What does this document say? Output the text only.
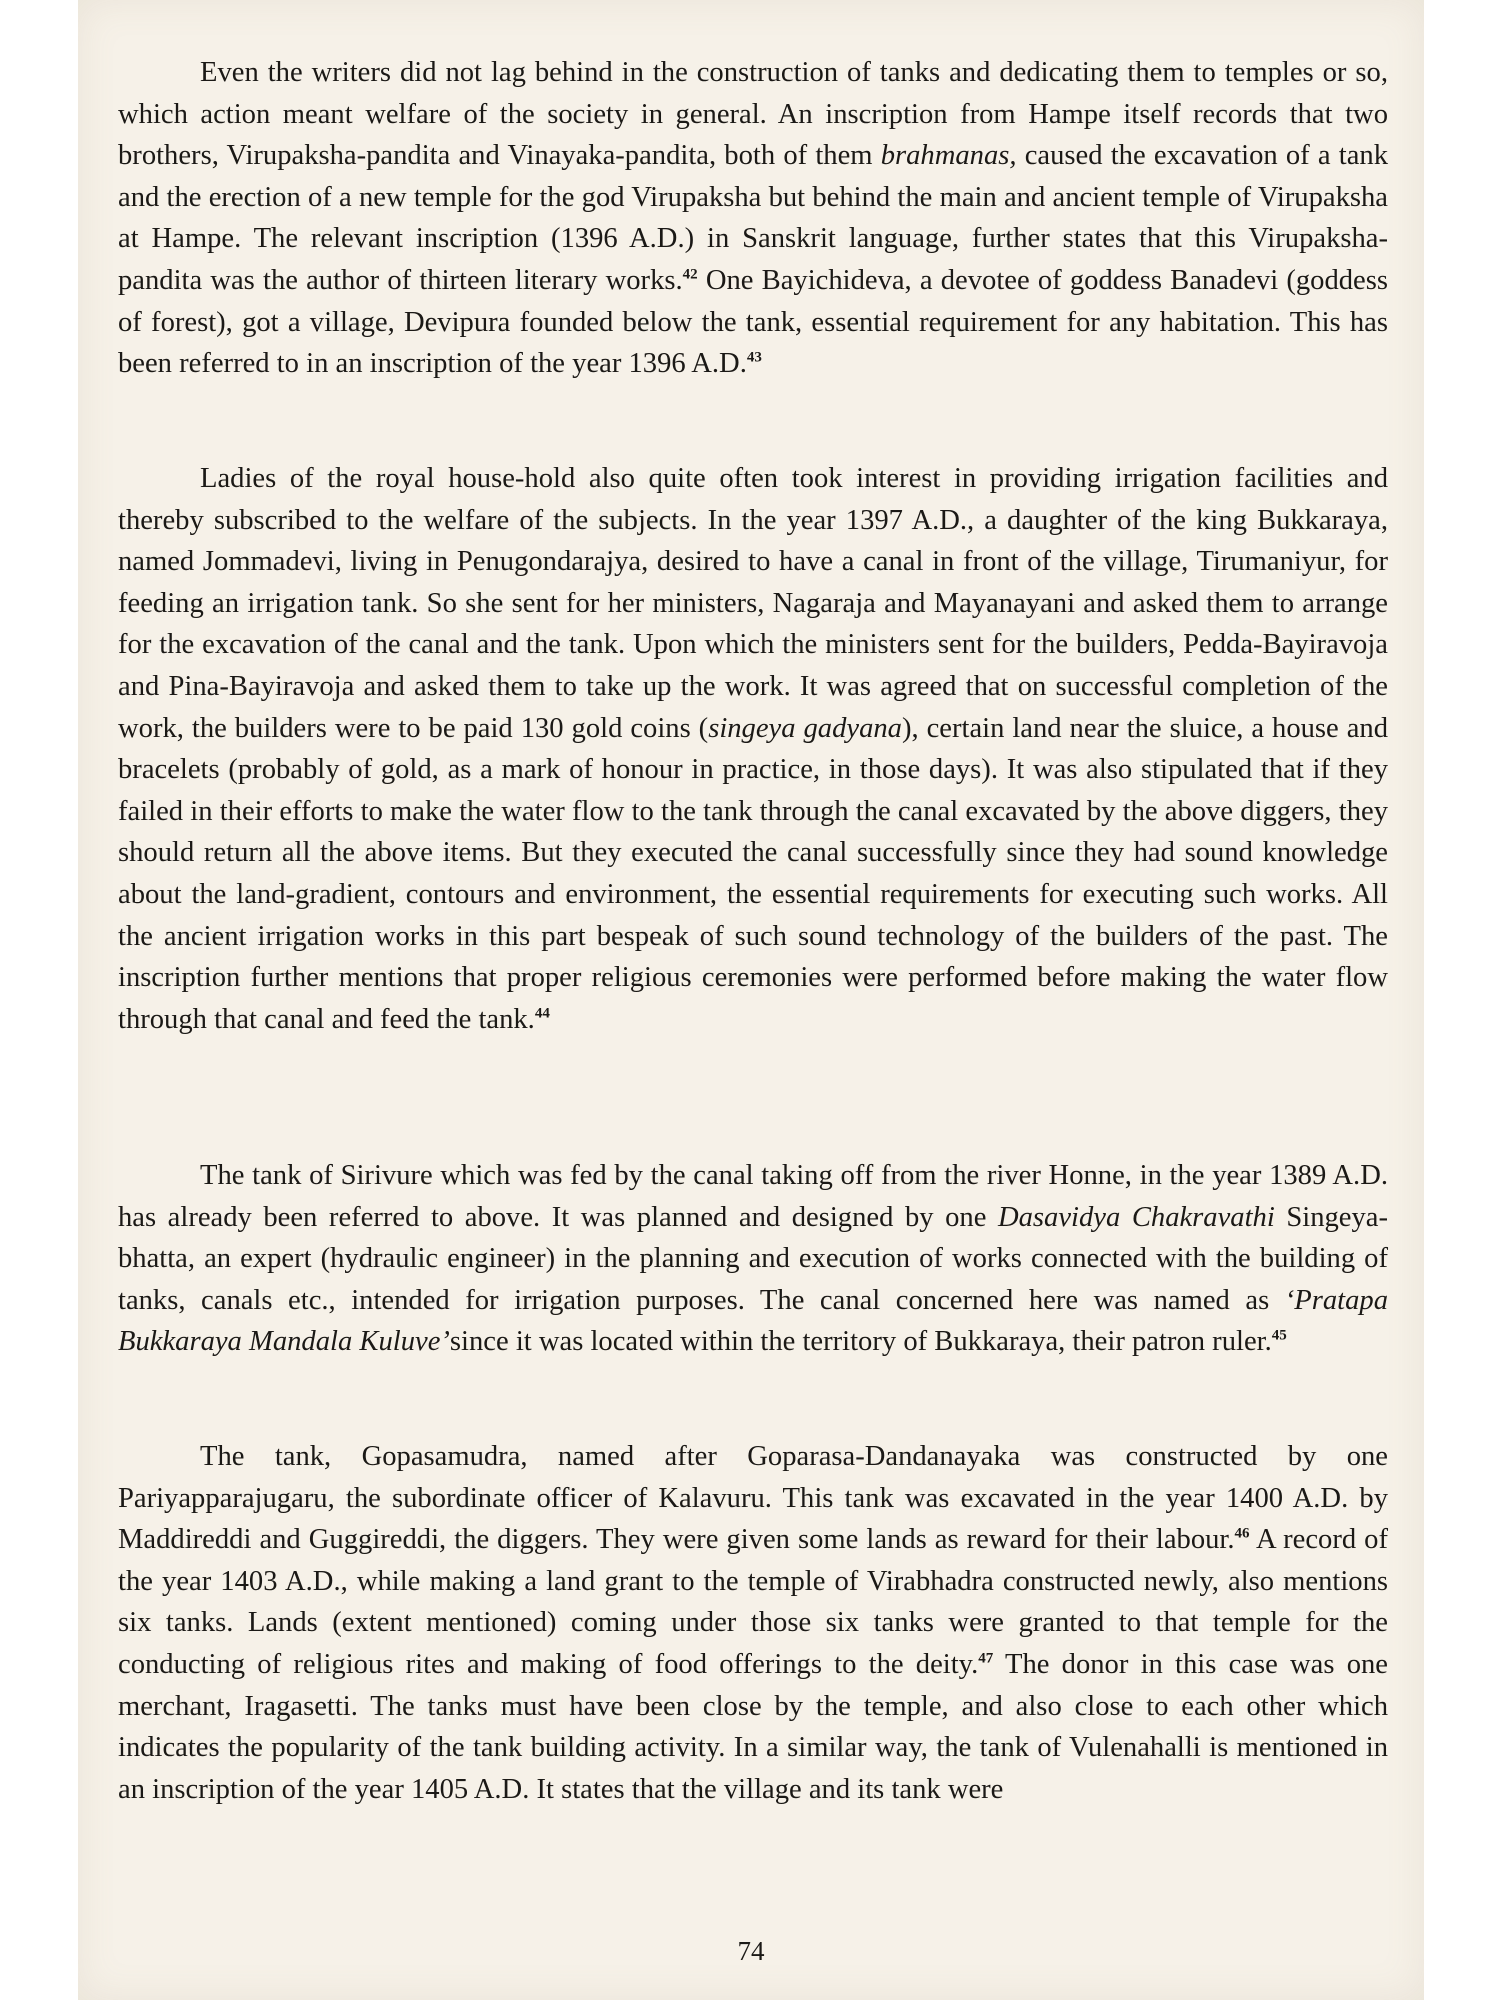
Even the writers did not lag behind in the construction of tanks and dedicating them to temples or so, which action meant welfare of the society in general. An inscription from Hampe itself records that two brothers, Virupaksha-pandita and Vinayaka-pandita, both of them brahmanas, caused the excavation of a tank and the erection of a new temple for the god Virupaksha but behind the main and ancient temple of Virupaksha at Hampe. The relevant inscription (1396 A.D.) in Sanskrit language, further states that this Virupaksha-pandita was the author of thirteen literary works.$^{42}$ One Bayichideva, a devotee of goddess Banadevi (goddess of forest), got a village, Devipura founded below the tank, essential requirement for any habitation. This has been referred to in an inscription of the year 1396 A.D.$^{43}$

Ladies of the royal house-hold also quite often took interest in providing irrigation facilities and thereby subscribed to the welfare of the subjects. In the year 1397 A.D., a daughter of the king Bukkaraya, named Jommadevi, living in Penugondarajya, desired to have a canal in front of the village, Tirumaniyur, for feeding an irrigation tank. So she sent for her ministers, Nagaraja and Mayanayani and asked them to arrange for the excavation of the canal and the tank. Upon which the ministers sent for the builders, Pedda-Bayiravoja and Pina-Bayiravoja and asked them to take up the work. It was agreed that on successful completion of the work, the builders were to be paid 130 gold coins (singeya gadyana), certain land near the sluice, a house and bracelets (probably of gold, as a mark of honour in practice, in those days). It was also stipulated that if they failed in their efforts to make the water flow to the tank through the canal excavated by the above diggers, they should return all the above items. But they executed the canal successfully since they had sound knowledge about the land-gradient, contours and environment, the essential requirements for executing such works. All the ancient irrigation works in this part bespeak of such sound technology of the builders of the past. The inscription further mentions that proper religious ceremonies were performed before making the water flow through that canal and feed the tank.$^{44}$

The tank of Sirivure which was fed by the canal taking off from the river Honne, in the year 1389 A.D. has already been referred to above. It was planned and designed by one Dasavidya Chakravathi Singeya-bhatta, an expert (hydraulic engineer) in the planning and execution of works connected with the building of tanks, canals etc., intended for irrigation purposes. The canal concerned here was named as ‘Pratapa Bukkaraya Mandala Kuluve’since it was located within the territory of Bukkaraya, their patron ruler.$^{45}$

The tank, Gopasamudra, named after Goparasa-Dandanayaka was constructed by one Pariyapparajugaru, the subordinate officer of Kalavuru. This tank was excavated in the year 1400 A.D. by Maddireddi and Guggireddi, the diggers. They were given some lands as reward for their labour.$^{46}$ A record of the year 1403 A.D., while making a land grant to the temple of Virabhadra constructed newly, also mentions six tanks. Lands (extent mentioned) coming under those six tanks were granted to that temple for the conducting of religious rites and making of food offerings to the deity.$^{47}$ The donor in this case was one merchant, Iragasetti. The tanks must have been close by the temple, and also close to each other which indicates the popularity of the tank building activity. In a similar way, the tank of Vulenahalli is mentioned in an inscription of the year 1405 A.D. It states that the village and its tank were

74
